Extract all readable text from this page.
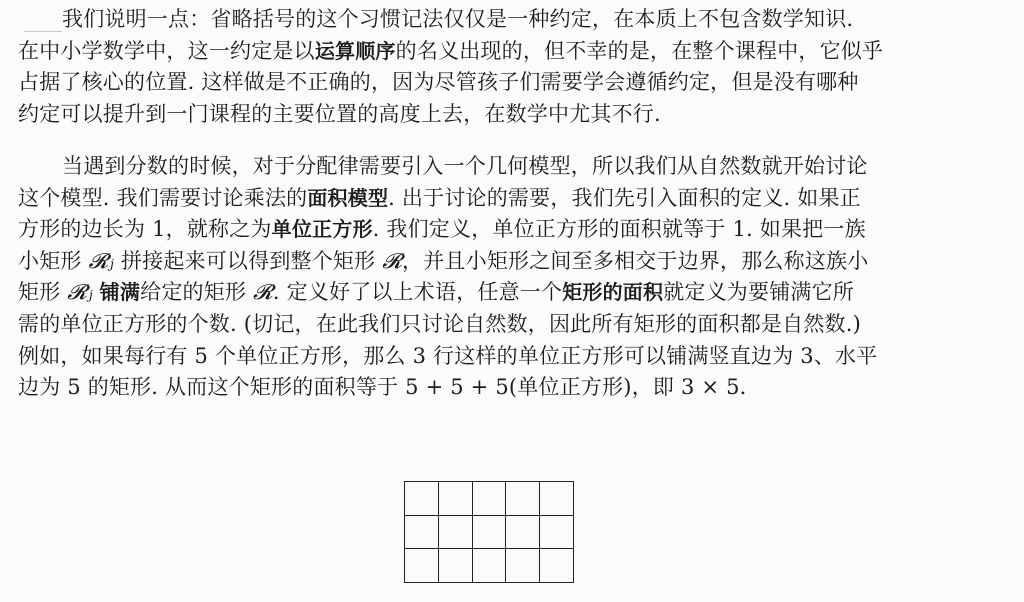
我们说明一点：省略括号的这个习惯记法仅仅是一种约定，在本质上不包含数学知识.
在中小学数学中，这一约定是以运算顺序的名义出现的，但不幸的是，在整个课程中，它似乎
占据了核心的位置. 这样做是不正确的，因为尽管孩子们需要学会遵循约定，但是没有哪种
约定可以提升到一门课程的主要位置的高度上去，在数学中尤其不行.
当遇到分数的时候，对于分配律需要引入一个几何模型，所以我们从自然数就开始讨论
这个模型. 我们需要讨论乘法的面积模型. 出于讨论的需要，我们先引入面积的定义. 如果正
方形的边长为 1，就称之为单位正方形. 我们定义，单位正方形的面积就等于 1. 如果把一族
小矩形 𝓡ⱼ 拼接起来可以得到整个矩形 𝓡，并且小矩形之间至多相交于边界，那么称这族小
矩形 𝓡ⱼ 铺满给定的矩形 𝓡. 定义好了以上术语，任意一个矩形的面积就定义为要铺满它所
需的单位正方形的个数. (切记，在此我们只讨论自然数，因此所有矩形的面积都是自然数.)
例如，如果每行有 5 个单位正方形，那么 3 行这样的单位正方形可以铺满竖直边为 3、水平
边为 5 的矩形. 从而这个矩形的面积等于 5 + 5 + 5(单位正方形)，即 3 × 5.
